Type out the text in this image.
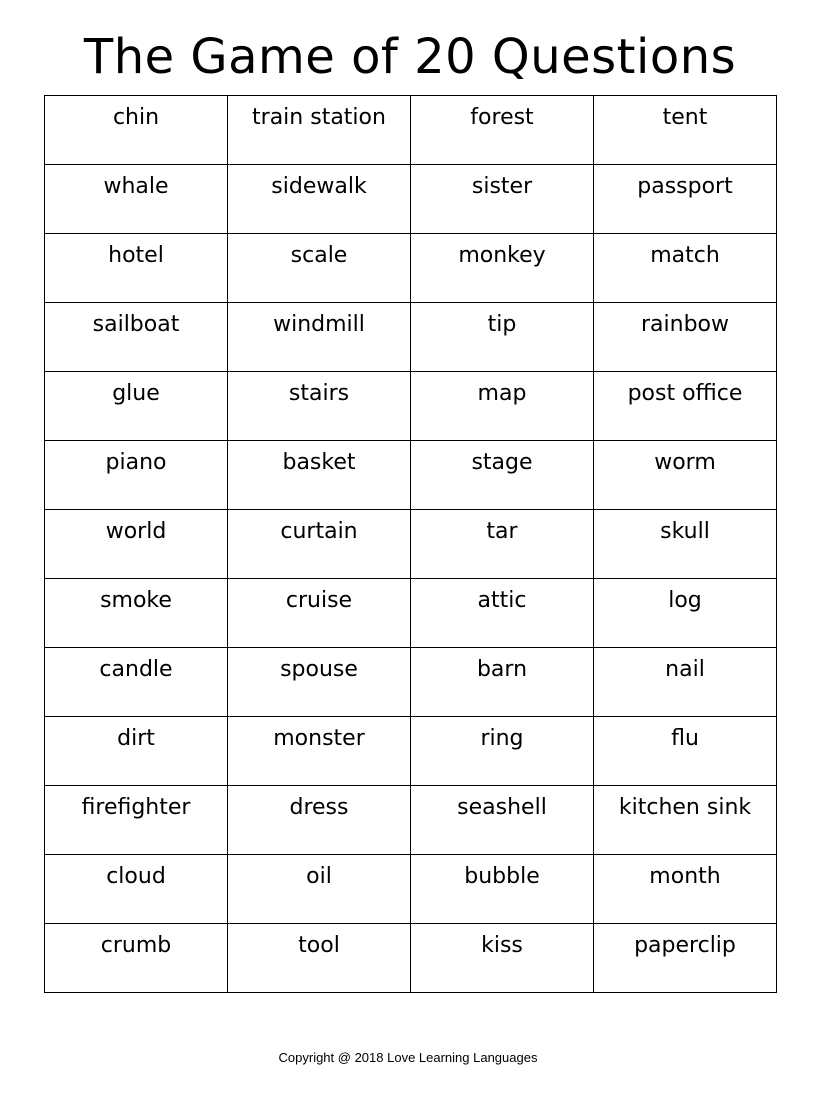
The Game of 20 Questions
chin	train station	forest	tent
whale	sidewalk	sister	passport
hotel	scale	monkey	match
sailboat	windmill	tip	rainbow
glue	stairs	map	post office
piano	basket	stage	worm
world	curtain	tar	skull
smoke	cruise	attic	log
candle	spouse	barn	nail
dirt	monster	ring	flu
firefighter	dress	seashell	kitchen sink
cloud	oil	bubble	month
crumb	tool	kiss	paperclip
Copyright @ 2018 Love Learning Languages
